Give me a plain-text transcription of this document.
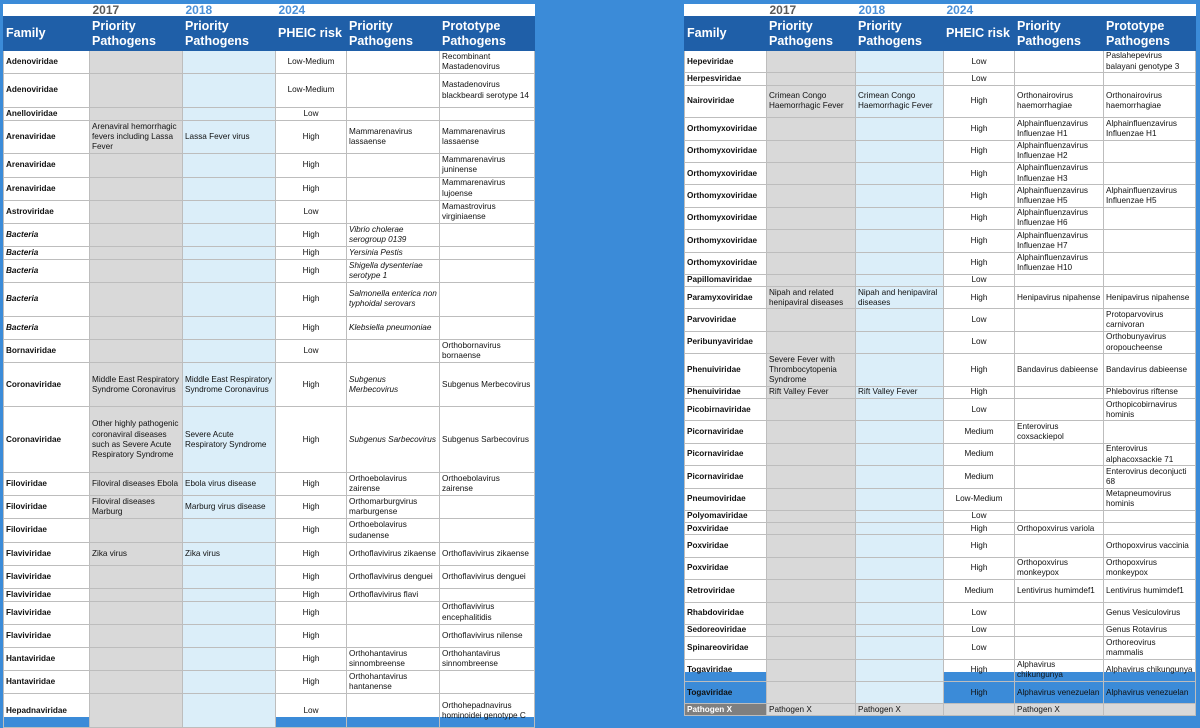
	2017	2018	2024		
Family	Priority Pathogens	Priority Pathogens	PHEIC risk	Priority Pathogens	Prototype Pathogens
Adenoviridae			Low-Medium		Recombinant Mastadenovirus
Adenoviridae			Low-Medium		Mastadenovirus blackbeardi serotype 14
Anelloviridae			Low		
Arenaviridae	Arenaviral hemorrhagic fevers including Lassa Fever	Lassa Fever virus	High	Mammarenavirus lassaense	Mammarenavirus lassaense
Arenaviridae			High		Mammarenavirus juninense
Arenaviridae			High		Mammarenavirus lujoense
Astroviridae			Low		Mamastrovirus virginiaense
Bacteria			High	Vibrio cholerae serogroup 0139	
Bacteria			High	Yersinia Pestis	
Bacteria			High	Shigella dysenteriae serotype 1	
Bacteria			High	Salmonella enterica non typhoidal serovars	
Bacteria			High	Klebsiella pneumoniae	
Bornaviridae			Low		Orthobornavirus bornaense
Coronaviridae	Middle East Respiratory Syndrome Coronavirus	Middle East Respiratory Syndrome Coronavirus	High	Subgenus Merbecovirus	Subgenus Merbecovirus
Coronaviridae	Other highly pathogenic coronaviral diseases such as Severe Acute Respiratory Syndrome	Severe Acute Respiratory Syndrome	High	Subgenus Sarbecovirus	Subgenus Sarbecovirus
Filoviridae	Filoviral diseases Ebola	Ebola virus disease	High	Orthoebolavirus zairense	Orthoebolavirus zairense
Filoviridae	Filoviral diseases Marburg	Marburg virus disease	High	Orthomarburgvirus marburgense	
Filoviridae			High	Orthoebolavirus sudanense	
Flaviviridae	Zika virus	Zika virus	High	Orthoflavivirus zikaense	Orthoflavivirus zikaense
Flaviviridae			High	Orthoflavivirus denguei	Orthoflavivirus denguei
Flaviviridae			High	Orthoflavivirus flavi	
Flaviviridae			High		Orthoflavivirus encephalitidis
Flaviviridae			High		Orthoflavivirus nilense
Hantaviridae			High	Orthohantavirus sinnombreense	Orthohantavirus sinnombreense
Hantaviridae			High	Orthohantavirus hantanense	
Hepadnaviridae			Low		Orthohepadnavirus hominoidei genotype C
	2017	2018	2024		
Family	Priority Pathogens	Priority Pathogens	PHEIC risk	Priority Pathogens	Prototype Pathogens
Hepeviridae			Low		Paslahepevirus balayani genotype 3
Herpesviridae			Low		
Nairoviridae	Crimean Congo Haemorrhagic Fever	Crimean Congo Haemorrhagic Fever	High	Orthonairovirus haemorrhagiae	Orthonairovirus haemorrhagiae
Orthomyxoviridae			High	Alphainfluenzavirus Influenzae H1	Alphainfluenzavirus Influenzae H1
Orthomyxoviridae			High	Alphainfluenzavirus Influenzae H2	
Orthomyxoviridae			High	Alphainfluenzavirus Influenzae H3	
Orthomyxoviridae			High	Alphainfluenzavirus Influenzae H5	Alphainfluenzavirus Influenzae H5
Orthomyxoviridae			High	Alphainfluenzavirus Influenzae H6	
Orthomyxoviridae			High	Alphainfluenzavirus Influenzae H7	
Orthomyxoviridae			High	Alphainfluenzavirus Influenzae H10	
Papillomaviridae			Low		
Paramyxoviridae	Nipah and related henipaviral diseases	Nipah and henipaviral diseases	High	Henipavirus nipahense	Henipavirus nipahense
Parvoviridae			Low		Protoparvovirus carnivoran
Peribunyaviridae			Low		Orthobunyavirus oropoucheense
Phenuiviridae	Severe Fever with Thrombocytopenia Syndrome		High	Bandavirus dabieense	Bandavirus dabieense
Phenuiviridae	Rift Valley Fever	Rift Valley Fever	High		Phlebovirus riftense
Picobirnaviridae			Low		Orthopicobirnavirus hominis
Picornaviridae			Medium	Enterovirus coxsackiepol	
Picornaviridae			Medium		Enterovirus alphacoxsackie 71
Picornaviridae			Medium		Enterovirus deconjucti 68
Pneumoviridae			Low-Medium		Metapneumovirus hominis
Polyomaviridae			Low		
Poxviridae			High	Orthopoxvirus variola	
Poxviridae			High		Orthopoxvirus vaccinia
Poxviridae			High	Orthopoxvirus monkeypox	Orthopoxvirus monkeypox
Retroviridae			Medium	Lentivirus humimdef1	Lentivirus humimdef1
Rhabdoviridae			Low		Genus Vesiculovirus
Sedoreoviridae			Low		Genus Rotavirus
Spinareoviridae			Low		Orthoreovirus mammalis
Togaviridae			High	Alphavirus chikungunya	Alphavirus chikungunya
Togaviridae			High	Alphavirus venezuelan	Alphavirus venezuelan
Pathogen X	Pathogen X	Pathogen X		Pathogen X	
